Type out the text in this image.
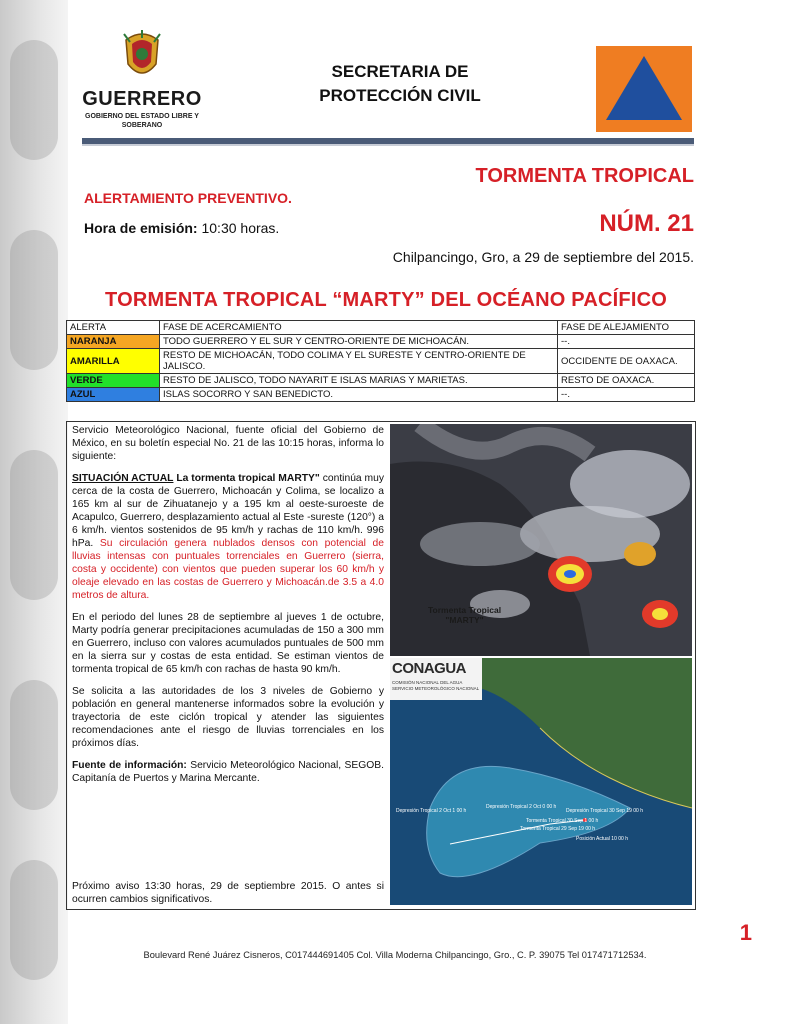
GUERRERO
GOBIERNO DEL ESTADO LIBRE Y SOBERANO
SECRETARIA DE
PROTECCIÓN CIVIL
TORMENTA TROPICAL
ALERTAMIENTO PREVENTIVO.
Hora de emisión: 10:30 horas.	NÚM. 21
Chilpancingo, Gro, a 29 de septiembre del 2015.
TORMENTA TROPICAL “MARTY” DEL OCÉANO PACÍFICO
ALERTA	FASE DE ACERCAMIENTO	FASE DE ALEJAMIENTO
NARANJA	TODO GUERRERO Y EL SUR Y CENTRO-ORIENTE DE MICHOACÁN.	--.
AMARILLA	RESTO DE MICHOACÁN, TODO COLIMA Y EL SURESTE Y CENTRO-ORIENTE DE JALISCO.	OCCIDENTE DE OAXACA.
VERDE	RESTO DE JALISCO, TODO NAYARIT E ISLAS MARIAS Y MARIETAS.	RESTO DE OAXACA.
AZUL	ISLAS SOCORRO Y SAN BENEDICTO.	--.

Servicio Meteorológico Nacional, fuente oficial del Gobierno de México, en su boletín especial No. 21 de las 10:15 horas, informa lo siguiente:

SITUACIÓN ACTUAL La tormenta tropical MARTY" continúa muy cerca de la costa de Guerrero, Michoacán y Colima, se localizo a 165 km al sur de Zihuatanejo y a 195 km al oeste-suroeste de Acapulco, Guerrero, desplazamiento actual al Este -sureste (120°) a 6 km/h. vientos sostenidos de 95 km/h y rachas de 110 km/h. 996 hPa. Su circulación genera nublados densos con potencial de lluvias intensas con puntuales torrenciales en Guerrero (sierra, costa y occidente) con vientos que pueden superar los 60 km/h y oleaje elevado en las costas de Guerrero y Michoacán.de 3.5 a 4.0 metros de altura.

En el periodo del lunes 28 de septiembre al jueves 1 de octubre, Marty podría generar precipitaciones acumuladas de 150 a 300 mm en Guerrero, incluso con valores acumulados puntuales de 500 mm en la sierra sur y costas de esta entidad. Se estiman vientos de tormenta tropical de 65 km/h con rachas de hasta 90 km/h.

Se solicita a las autoridades de los 3 niveles de Gobierno y población en general mantenerse informados sobre la evolución y trayectoria de este ciclón tropical y atender las siguientes recomendaciones ante el riesgo de lluvias torrenciales en los próximos días.

Fuente de información: Servicio Meteorológico Nacional, SEGOB. Capitanía de Puertos y Marina Mercante.

Próximo aviso 13:30 horas, 29 de septiembre 2015. O antes si ocurren cambios significativos.
Tormenta Tropical
"MARTY"
CONAGUA
COMISIÓN NACIONAL DEL AGUA
SERVICIO METEOROLÓGICO NACIONAL
Depresión Tropical 2 Oct 1 00 h
Depresión Tropical 2 Oct 0 00 h
Depresión Tropical 30 Sep 19 00 h
Tormenta Tropical 30 Sep 1 00 h
Tormenta Tropical 29 Sep 19 00 h
Posición Actual 10 00 h
1
Boulevard René Juárez Cisneros, C017444691405 Col. Villa Moderna Chilpancingo, Gro., C. P. 39075 Tel 017471712534.
